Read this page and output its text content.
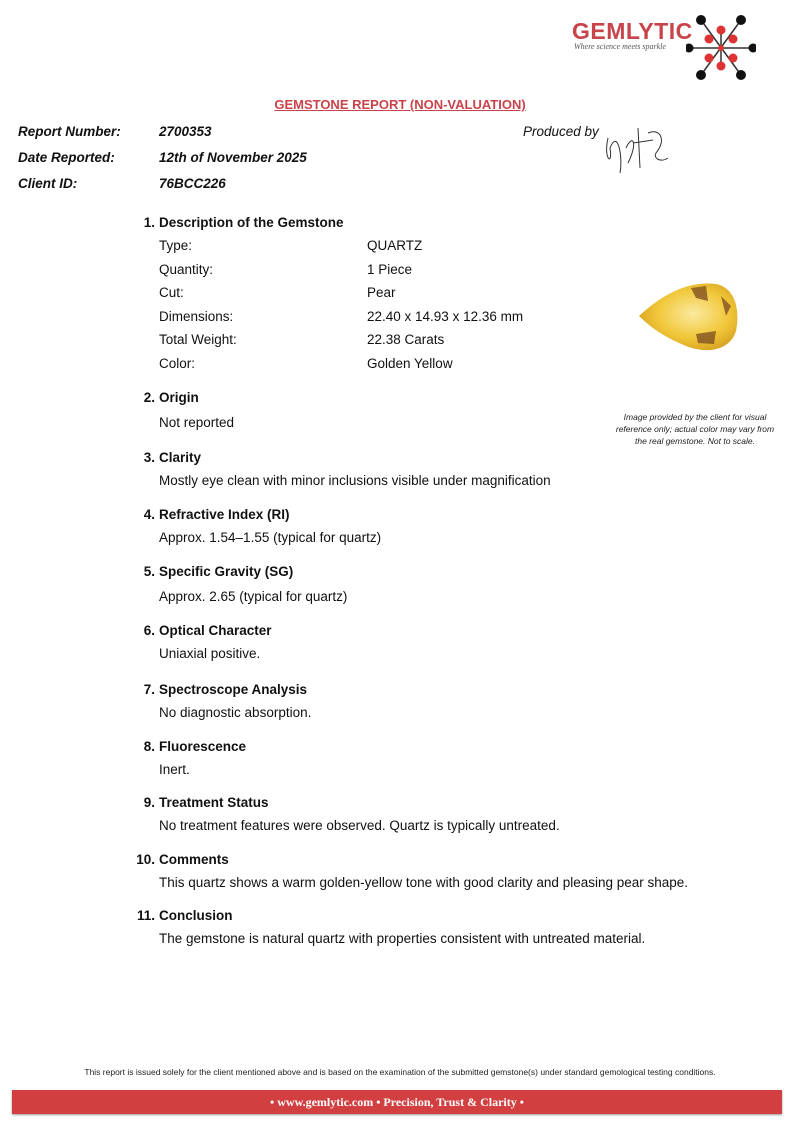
GEMLYTIC
Where science meets sparkle
GEMSTONE REPORT (NON-VALUATION)
Report Number:	2700353	Produced by
Date Reported:	12th of November 2025
Client ID:	76BCC226
1. Description of the Gemstone
Type:	QUARTZ
Quantity:	1 Piece
Cut:	Pear
Dimensions:	22.40 x 14.93 x 12.36 mm
Total Weight:	22.38 Carats
Color:	Golden Yellow
Image provided by the client for visual reference only; actual color may vary from the real gemstone. Not to scale.
2. Origin
Not reported
3. Clarity
Mostly eye clean with minor inclusions visible under magnification
4. Refractive Index (RI)
Approx. 1.54–1.55 (typical for quartz)
5. Specific Gravity (SG)
Approx. 2.65 (typical for quartz)
6. Optical Character
Uniaxial positive.
7. Spectroscope Analysis
No diagnostic absorption.
8. Fluorescence
Inert.
9. Treatment Status
No treatment features were observed. Quartz is typically untreated.
10. Comments
This quartz shows a warm golden-yellow tone with good clarity and pleasing pear shape.
11. Conclusion
The gemstone is natural quartz with properties consistent with untreated material.
This report is issued solely for the client mentioned above and is based on the examination of the submitted gemstone(s) under standard gemological testing conditions.
• www.gemlytic.com • Precision, Trust & Clarity •
